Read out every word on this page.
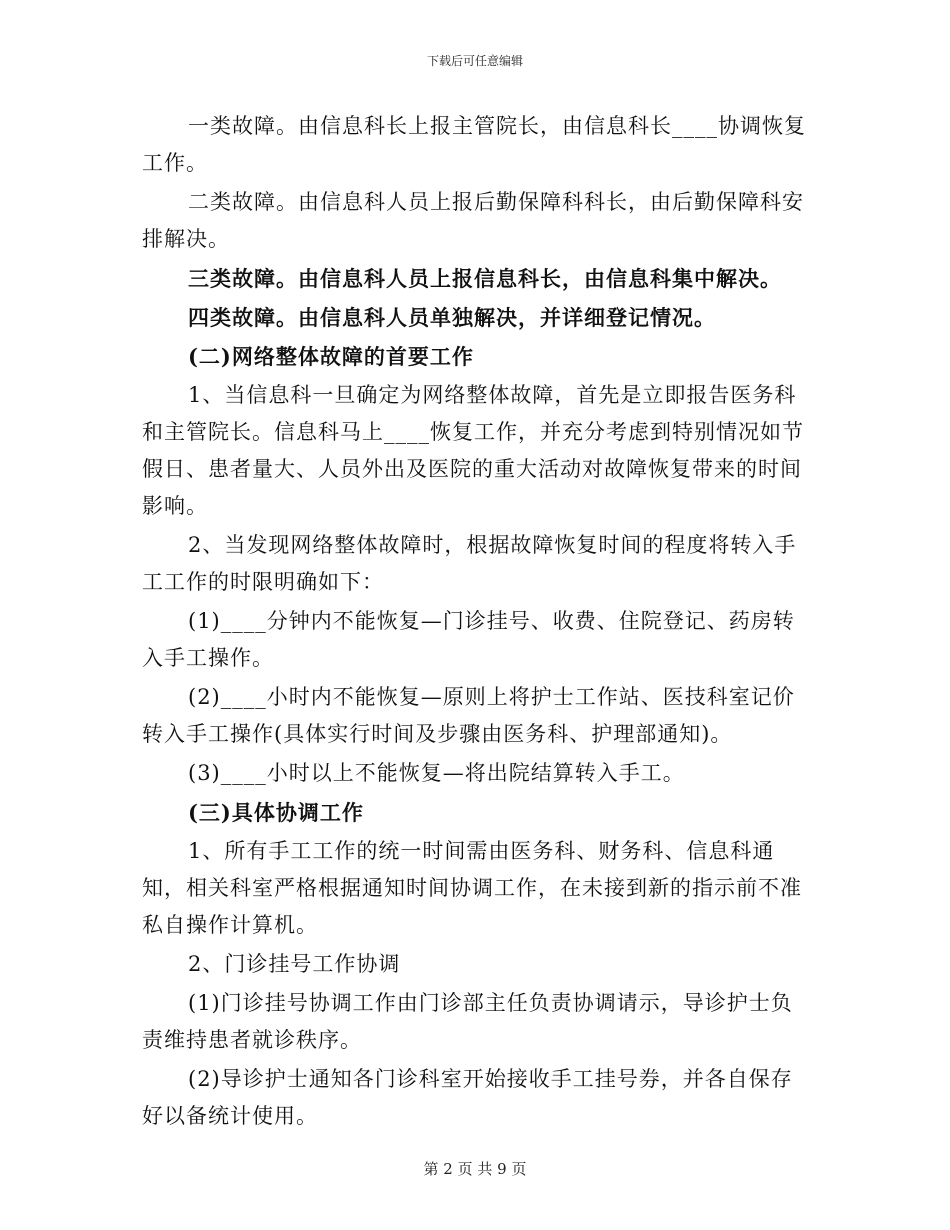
下载后可任意编辑

一类故障。由信息科长上报主管院长，由信息科长____协调恢复工作。

二类故障。由信息科人员上报后勤保障科科长，由后勤保障科安排解决。

三类故障。由信息科人员上报信息科长，由信息科集中解决。

四类故障。由信息科人员单独解决，并详细登记情况。

(二)网络整体故障的首要工作

1、当信息科一旦确定为网络整体故障，首先是立即报告医务科和主管院长。信息科马上____恢复工作，并充分考虑到特别情况如节假日、患者量大、人员外出及医院的重大活动对故障恢复带来的时间影响。

2、当发现网络整体故障时，根据故障恢复时间的程度将转入手工工作的时限明确如下：

(1)____分钟内不能恢复—门诊挂号、收费、住院登记、药房转入手工操作。

(2)____小时内不能恢复—原则上将护士工作站、医技科室记价转入手工操作(具体实行时间及步骤由医务科、护理部通知)。

(3)____小时以上不能恢复—将出院结算转入手工。

(三)具体协调工作

1、所有手工工作的统一时间需由医务科、财务科、信息科通知，相关科室严格根据通知时间协调工作，在未接到新的指示前不准私自操作计算机。

2、门诊挂号工作协调

(1)门诊挂号协调工作由门诊部主任负责协调请示，导诊护士负责维持患者就诊秩序。

(2)导诊护士通知各门诊科室开始接收手工挂号券，并各自保存好以备统计使用。

第 2 页 共 9 页
